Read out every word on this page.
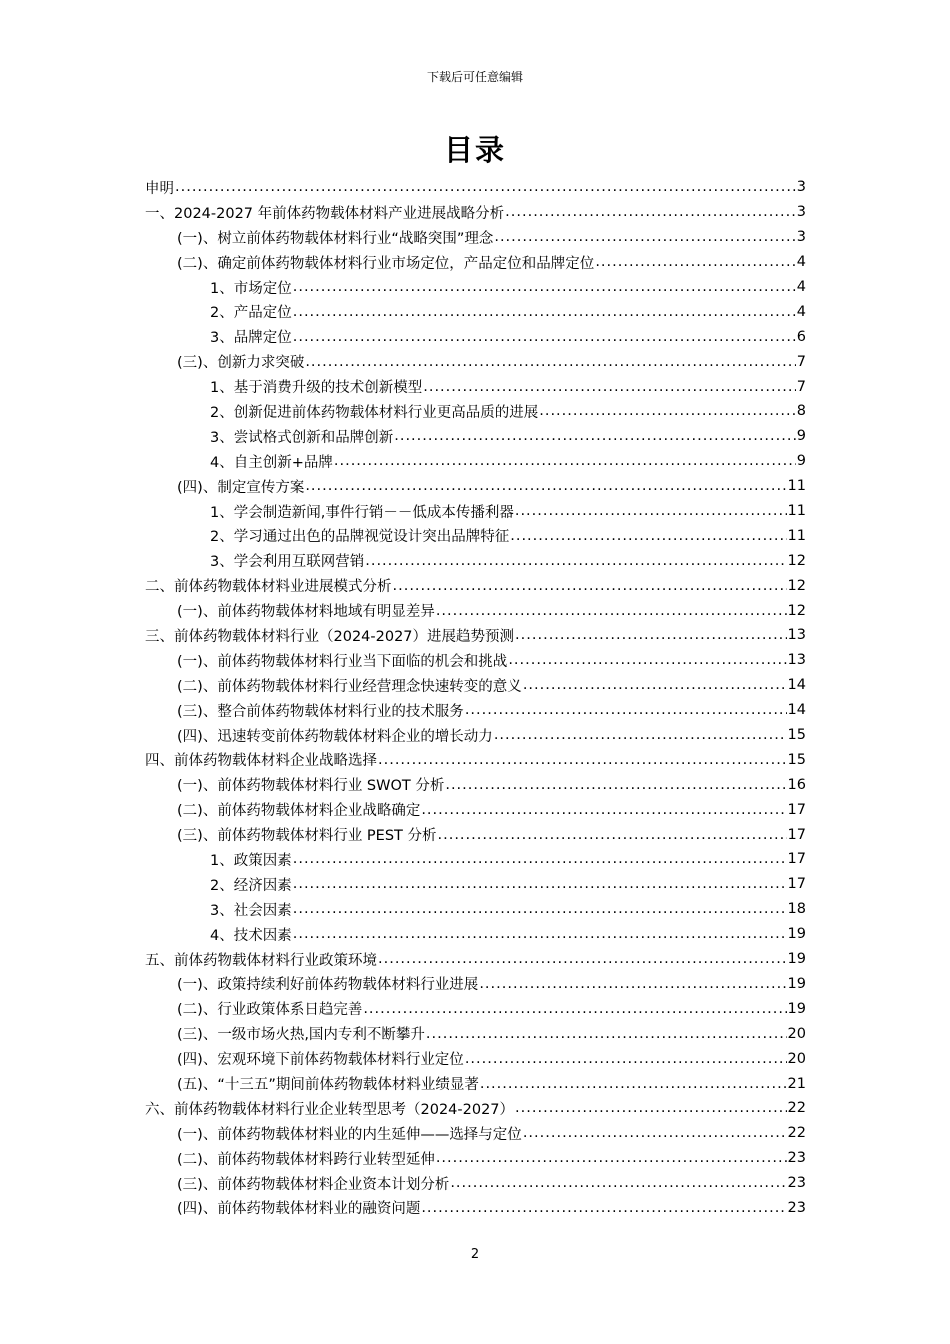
下载后可任意编辑
目录
申明 .....	3
一、2024-2027 年前体药物载体材料产业进展战略分析 .....	3
(一)、树立前体药物载体材料行业“战略突围”理念 .....	3
(二)、确定前体药物载体材料行业市场定位，产品定位和品牌定位 .....	4
1、市场定位 .....	4
2、产品定位 .....	4
3、品牌定位 .....	6
(三)、创新力求突破 .....	7
1、基于消费升级的技术创新模型 .....	7
2、创新促进前体药物载体材料行业更高品质的进展 .....	8
3、尝试格式创新和品牌创新 .....	9
4、自主创新+品牌 .....	9
(四)、制定宣传方案 .....	11
1、学会制造新闻,事件行销－－低成本传播利器 .....	11
2、学习通过出色的品牌视觉设计突出品牌特征 .....	11
3、学会利用互联网营销 .....	12
二、前体药物载体材料业进展模式分析 .....	12
(一)、前体药物载体材料地域有明显差异 .....	12
三、前体药物载体材料行业（2024-2027）进展趋势预测 .....	13
(一)、前体药物载体材料行业当下面临的机会和挑战 .....	13
(二)、前体药物载体材料行业经营理念快速转变的意义 .....	14
(三)、整合前体药物载体材料行业的技术服务 .....	14
(四)、迅速转变前体药物载体材料企业的增长动力 .....	15
四、前体药物载体材料企业战略选择 .....	15
(一)、前体药物载体材料行业 SWOT 分析 .....	16
(二)、前体药物载体材料企业战略确定 .....	17
(三)、前体药物载体材料行业 PEST 分析 .....	17
1、政策因素 .....	17
2、经济因素 .....	17
3、社会因素 .....	18
4、技术因素 .....	19
五、前体药物载体材料行业政策环境 .....	19
(一)、政策持续利好前体药物载体材料行业进展 .....	19
(二)、行业政策体系日趋完善 .....	19
(三)、一级市场火热,国内专利不断攀升 .....	20
(四)、宏观环境下前体药物载体材料行业定位 .....	20
(五)、“十三五”期间前体药物载体材料业绩显著 .....	21
六、前体药物载体材料行业企业转型思考（2024-2027） .....	22
(一)、前体药物载体材料业的内生延伸——选择与定位 .....	22
(二)、前体药物载体材料跨行业转型延伸 .....	23
(三)、前体药物载体材料企业资本计划分析 .....	23
(四)、前体药物载体材料业的融资问题 .....	23
2
